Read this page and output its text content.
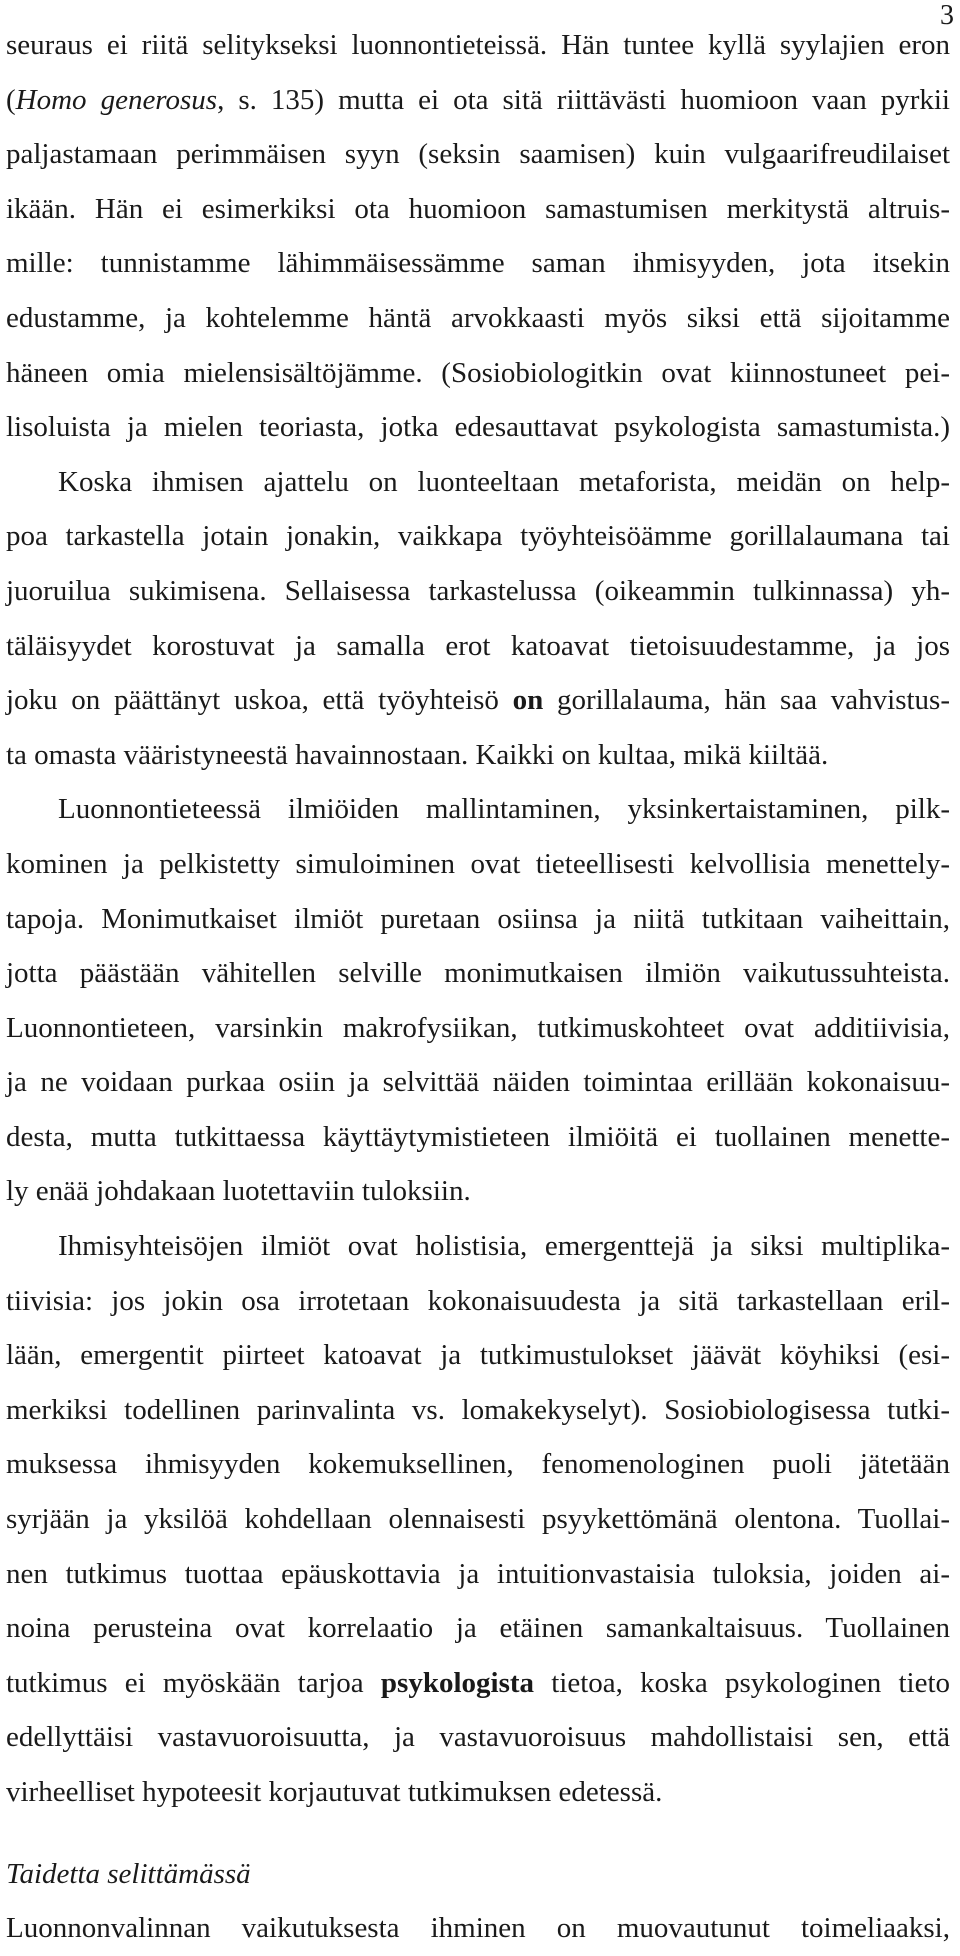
3
seuraus ei riitä selitykseksi luonnontieteissä. Hän tuntee kyllä syylajien eron
(Homo generosus, s. 135) mutta ei ota sitä riittävästi huomioon vaan pyrkii
paljastamaan perimmäisen syyn (seksin saamisen) kuin vulgaarifreudilaiset
ikään. Hän ei esimerkiksi ota huomioon samastumisen merkitystä altruis-
mille: tunnistamme lähimmäisessämme saman ihmisyyden, jota itsekin
edustamme, ja kohtelemme häntä arvokkaasti myös siksi että sijoitamme
häneen omia mielensisältöjämme. (Sosiobiologitkin ovat kiinnostuneet pei-
lisoluista ja mielen teoriasta, jotka edesauttavat psykologista samastumista.)
Koska ihmisen ajattelu on luonteeltaan metaforista, meidän on help-
poa tarkastella jotain jonakin, vaikkapa työyhteisöämme gorillalaumana tai
juoruilua sukimisena. Sellaisessa tarkastelussa (oikeammin tulkinnassa) yh-
täläisyydet korostuvat ja samalla erot katoavat tietoisuudestamme, ja jos
joku on päättänyt uskoa, että työyhteisö on gorillalauma, hän saa vahvistus-
ta omasta vääristyneestä havainnostaan. Kaikki on kultaa, mikä kiiltää.
Luonnontieteessä ilmiöiden mallintaminen, yksinkertaistaminen, pilk-
kominen ja pelkistetty simuloiminen ovat tieteellisesti kelvollisia menettely-
tapoja. Monimutkaiset ilmiöt puretaan osiinsa ja niitä tutkitaan vaiheittain,
jotta päästään vähitellen selville monimutkaisen ilmiön vaikutussuhteista.
Luonnontieteen, varsinkin makrofysiikan, tutkimuskohteet ovat additiivisia,
ja ne voidaan purkaa osiin ja selvittää näiden toimintaa erillään kokonaisuu-
desta, mutta tutkittaessa käyttäytymistieteen ilmiöitä ei tuollainen menette-
ly enää johdakaan luotettaviin tuloksiin.
Ihmisyhteisöjen ilmiöt ovat holistisia, emergenttejä ja siksi multiplika-
tiivisia: jos jokin osa irrotetaan kokonaisuudesta ja sitä tarkastellaan eril-
lään, emergentit piirteet katoavat ja tutkimustulokset jäävät köyhiksi (esi-
merkiksi todellinen parinvalinta vs. lomakekyselyt). Sosiobiologisessa tutki-
muksessa ihmisyyden kokemuksellinen, fenomenologinen puoli jätetään
syrjään ja yksilöä kohdellaan olennaisesti psyykettömänä olentona. Tuollai-
nen tutkimus tuottaa epäuskottavia ja intuitionvastaisia tuloksia, joiden ai-
noina perusteina ovat korrelaatio ja etäinen samankaltaisuus. Tuollainen
tutkimus ei myöskään tarjoa psykologista tietoa, koska psykologinen tieto
edellyttäisi vastavuoroisuutta, ja vastavuoroisuus mahdollistaisi sen, että
virheelliset hypoteesit korjautuvat tutkimuksen edetessä.
Taidetta selittämässä
Luonnonvalinnan vaikutuksesta ihminen on muovautunut toimeliaaksi,
